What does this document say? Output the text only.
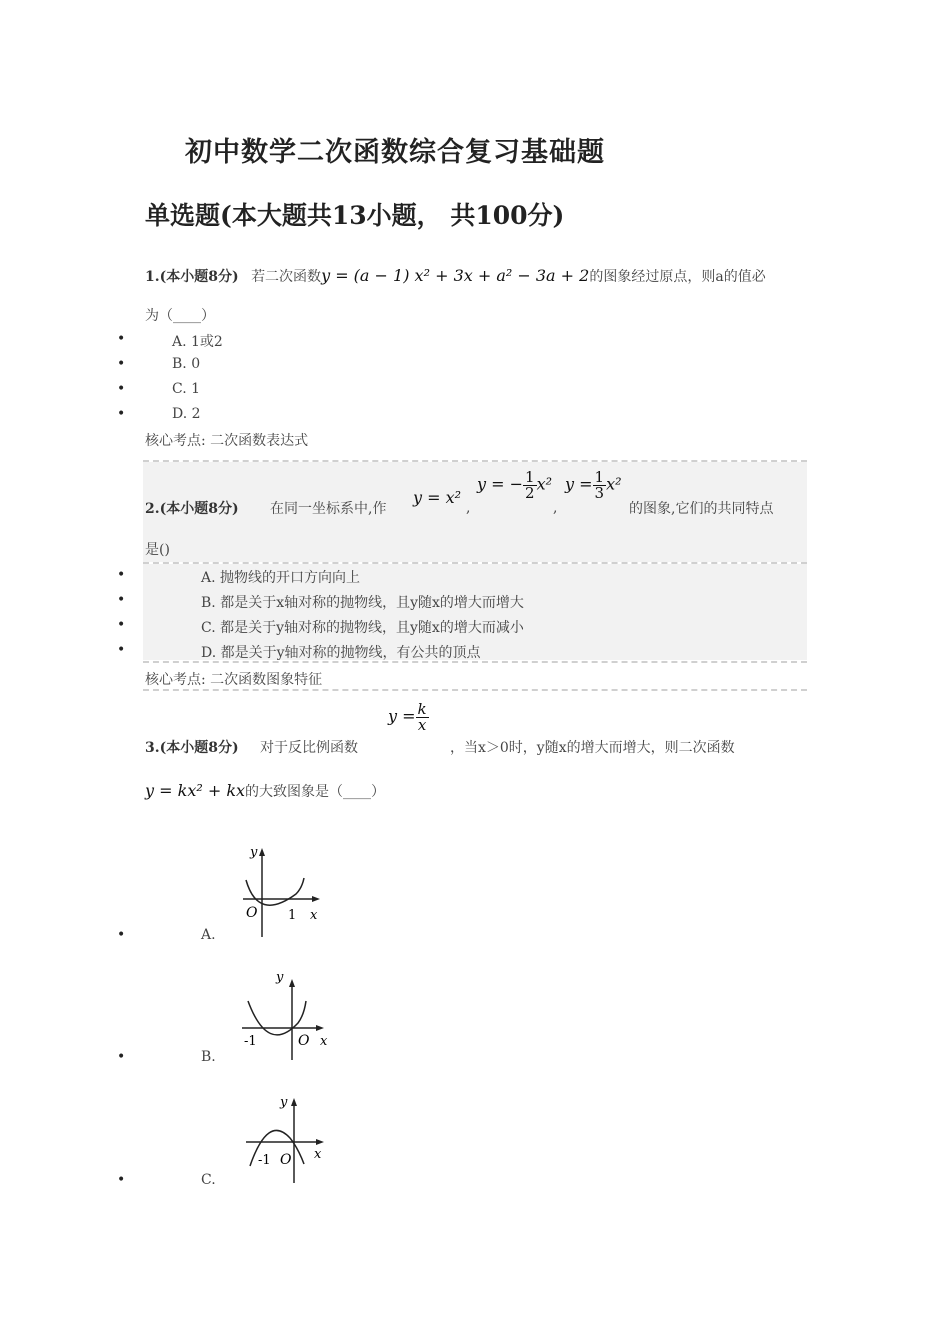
初中数学二次函数综合复习基础题
单选题(本大题共13小题， 共100分)
1.(本小题8分) 若二次函数y = (a − 1) x² + 3x + a² − 3a + 2的图象经过原点，则a的值必
为（____）
•	A. 1或2
•	B. 0
•	C. 1
•	D. 2
核心考点: 二次函数表达式
2.(本小题8分) 在同一坐标系中,作
y = x²
,
y = − $\frac{1}{2} x^2$
,
$y = \frac{1}{3} x^2$
的图象,它们的共同特点
是()
•	A. 抛物线的开口方向向上
•	B. 都是关于x轴对称的抛物线，且y随x的增大而增大
•	C. 都是关于y轴对称的抛物线，且y随x的增大而减小
•	D. 都是关于y轴对称的抛物线，有公共的顶点
核心考点: 二次函数图象特征
3.(本小题8分) 对于反比例函数
$y = \frac{k}{x}$
，当x＞0时，y随x的增大而增大，则二次函数
y = kx² + kx的大致图象是（____）
•	A.
y
O 1 x
•	B.
y
-1	O x
•	C.
y
-1 O x
